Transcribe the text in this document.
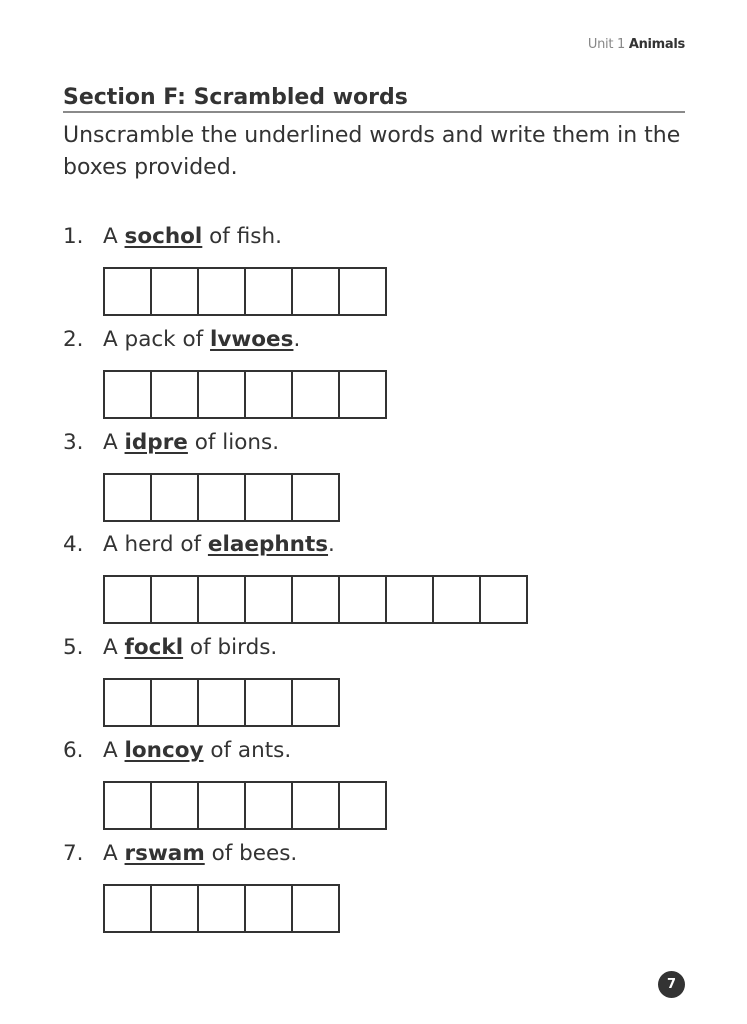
Unit 1 Animals
Section F: Scrambled words
Unscramble the underlined words and write them in the boxes provided.
1. A sochol of fish.
2. A pack of lvwoes.
3. A idpre of lions.
4. A herd of elaephnts.
5. A fockl of birds.
6. A loncoy of ants.
7. A rswam of bees.
7
